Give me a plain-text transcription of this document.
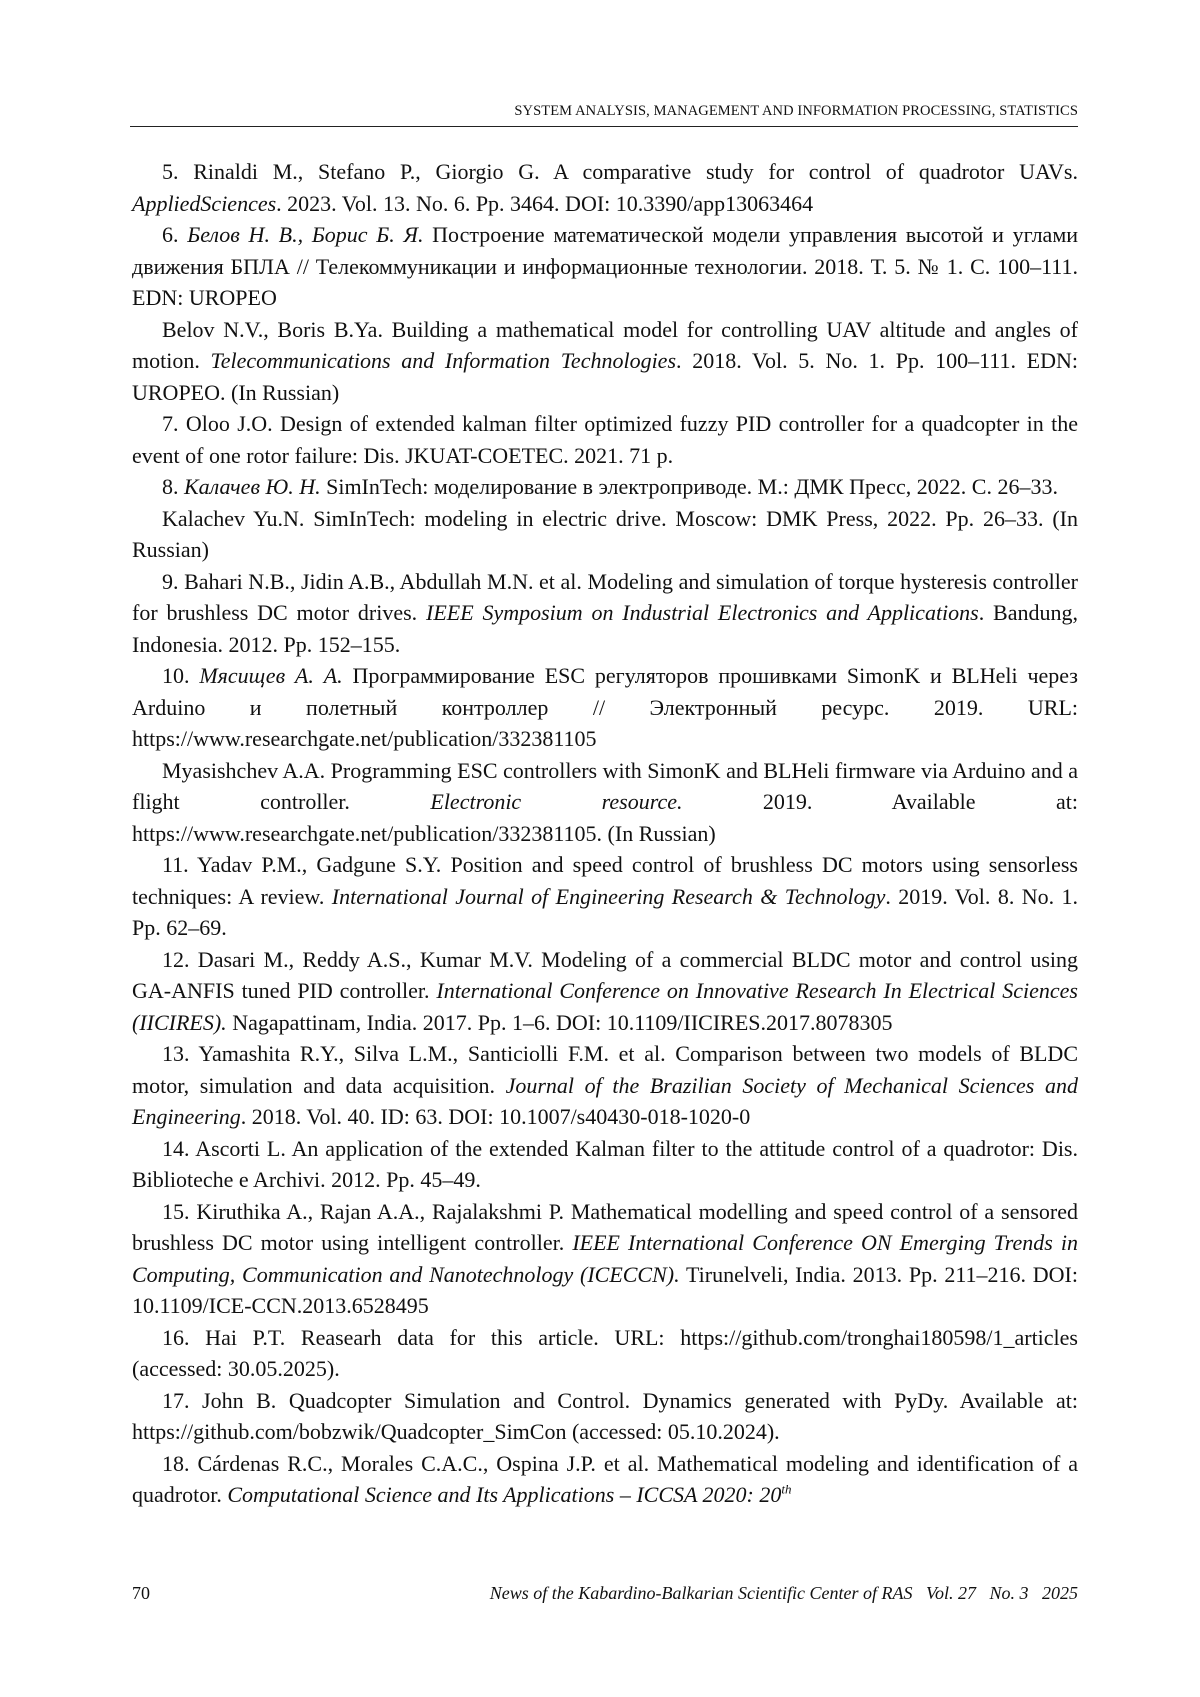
SYSTEM ANALYSIS, MANAGEMENT AND INFORMATION PROCESSING, STATISTICS

5. Rinaldi M., Stefano P., Giorgio G. A comparative study for control of quadrotor UAVs. AppliedSciences. 2023. Vol. 13. No. 6. Pp. 3464. DOI: 10.3390/app13063464

6. Белов Н. В., Борис Б. Я. Построение математической модели управления высотой и углами движения БПЛА // Телекоммуникации и информационные технологии. 2018. Т. 5. № 1. С. 100–111. EDN: UROPEO

Belov N.V., Boris B.Ya. Building a mathematical model for controlling UAV altitude and angles of motion. Telecommunications and Information Technologies. 2018. Vol. 5. No. 1. Pp. 100–111. EDN: UROPEO. (In Russian)

7. Oloo J.O. Design of extended kalman filter optimized fuzzy PID controller for a quadcopter in the event of one rotor failure: Dis. JKUAT-COETEC. 2021. 71 p.

8. Калачев Ю. Н. SimInTech: моделирование в электроприводе. М.: ДМК Пресс, 2022. С. 26–33.

Kalachev Yu.N. SimInTech: modeling in electric drive. Moscow: DMK Press, 2022. Pp. 26–33. (In Russian)

9. Bahari N.B., Jidin A.B., Abdullah M.N. et al. Modeling and simulation of torque hysteresis controller for brushless DC motor drives. IEEE Symposium on Industrial Electronics and Applications. Bandung, Indonesia. 2012. Pp. 152–155.

10. Мясищев А. А. Программирование ESC регуляторов прошивками SimonK и BLHeli через Arduino и полетный контроллер // Электронный ресурс. 2019. URL: https://www.researchgate.net/publication/332381105

Myasishchev A.A. Programming ESC controllers with SimonK and BLHeli firmware via Arduino and a flight controller. Electronic resource. 2019. Available at: https://www.researchgate.net/publication/332381105. (In Russian)

11. Yadav P.M., Gadgune S.Y. Position and speed control of brushless DC motors using sensorless techniques: A review. International Journal of Engineering Research & Technology. 2019. Vol. 8. No. 1. Pp. 62–69.

12. Dasari M., Reddy A.S., Kumar M.V. Modeling of a commercial BLDC motor and control using GA-ANFIS tuned PID controller. International Conference on Innovative Research In Electrical Sciences (IICIRES). Nagapattinam, India. 2017. Pp. 1–6. DOI: 10.1109/IICIRES.2017.8078305

13. Yamashita R.Y., Silva L.M., Santiciolli F.M. et al. Comparison between two models of BLDC motor, simulation and data acquisition. Journal of the Brazilian Society of Mechanical Sciences and Engineering. 2018. Vol. 40. ID: 63. DOI: 10.1007/s40430-018-1020-0

14. Ascorti L. An application of the extended Kalman filter to the attitude control of a quadrotor: Dis. Biblioteche e Archivi. 2012. Pp. 45–49.

15. Kiruthika A., Rajan A.A., Rajalakshmi P. Mathematical modelling and speed control of a sensored brushless DC motor using intelligent controller. IEEE International Conference ON Emerging Trends in Computing, Communication and Nanotechnology (ICECCN). Tirunelveli, India. 2013. Pp. 211–216. DOI: 10.1109/ICE-CCN.2013.6528495

16. Hai P.T. Reasearh data for this article. URL: https://github.com/tronghai180598/1_articles (accessed: 30.05.2025).

17. John B. Quadcopter Simulation and Control. Dynamics generated with PyDy. Available at: https://github.com/bobzwik/Quadcopter_SimCon (accessed: 05.10.2024).

18. Cárdenas R.C., Morales C.A.C., Ospina J.P. et al. Mathematical modeling and identification of a quadrotor. Computational Science and Its Applications – ICCSA 2020: 20th

70	News of the Kabardino-Balkarian Scientific Center of RAS   Vol. 27   No. 3   2025
